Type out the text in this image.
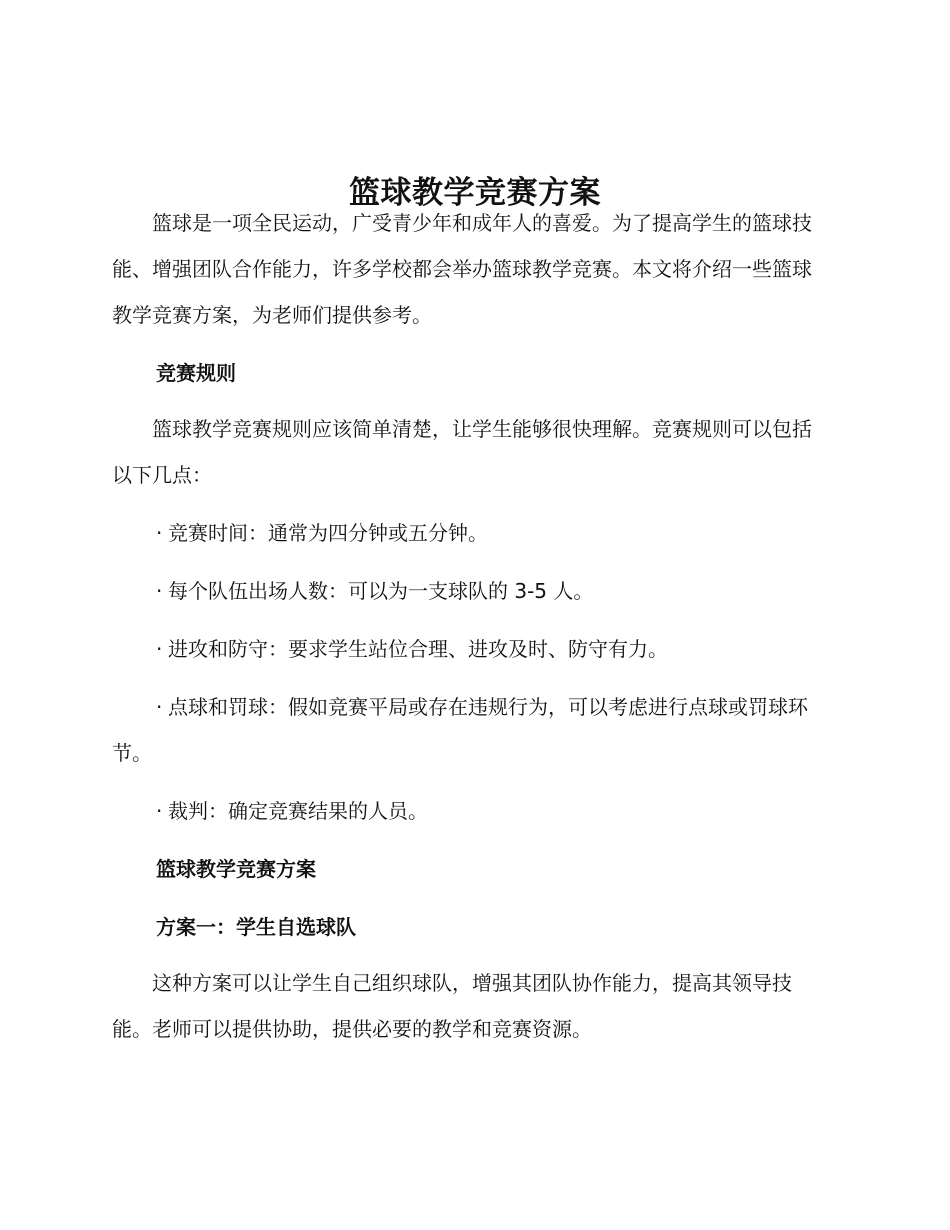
篮球教学竞赛方案

篮球是一项全民运动，广受青少年和成年人的喜爱。为了提高学生的篮球技能、增强团队合作能力，许多学校都会举办篮球教学竞赛。本文将介绍一些篮球教学竞赛方案，为老师们提供参考。

竞赛规则

篮球教学竞赛规则应该简单清楚，让学生能够很快理解。竞赛规则可以包括以下几点：

· 竞赛时间：通常为四分钟或五分钟。

· 每个队伍出场人数：可以为一支球队的 3-5 人。

· 进攻和防守：要求学生站位合理、进攻及时、防守有力。

· 点球和罚球：假如竞赛平局或存在违规行为，可以考虑进行点球或罚球环节。

· 裁判：确定竞赛结果的人员。

篮球教学竞赛方案

方案一：学生自选球队

这种方案可以让学生自己组织球队，增强其团队协作能力，提高其领导技能。老师可以提供协助，提供必要的教学和竞赛资源。
